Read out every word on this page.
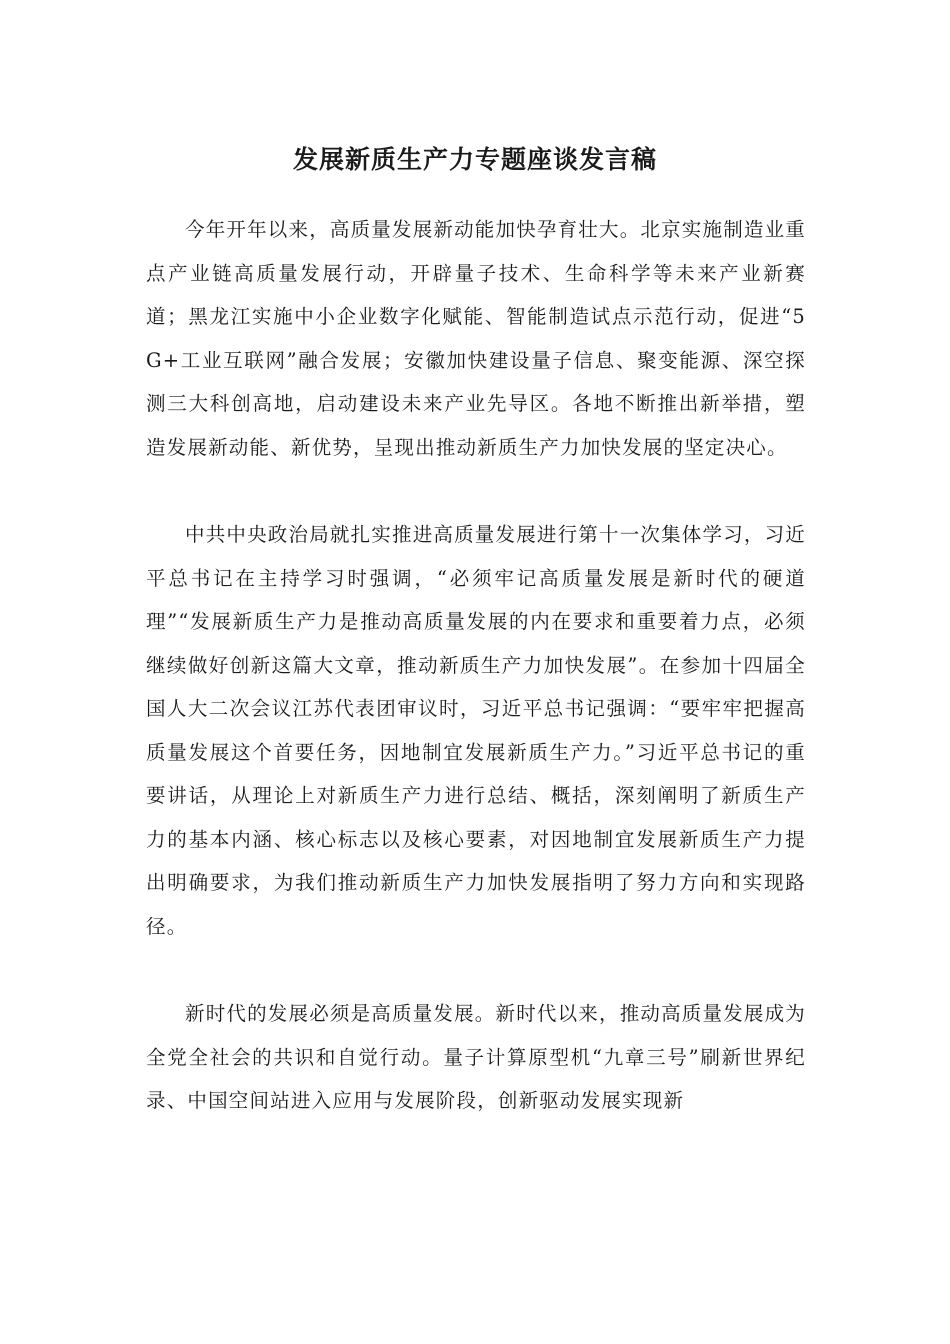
发展新质生产力专题座谈发言稿

今年开年以来，高质量发展新动能加快孕育壮大。北京实施制造业重点产业链高质量发展行动，开辟量子技术、生命科学等未来产业新赛道；黑龙江实施中小企业数字化赋能、智能制造试点示范行动，促进“5G+工业互联网”融合发展；安徽加快建设量子信息、聚变能源、深空探测三大科创高地，启动建设未来产业先导区。各地不断推出新举措，塑造发展新动能、新优势，呈现出推动新质生产力加快发展的坚定决心。

中共中央政治局就扎实推进高质量发展进行第十一次集体学习，习近平总书记在主持学习时强调，“必须牢记高质量发展是新时代的硬道理”“发展新质生产力是推动高质量发展的内在要求和重要着力点，必须继续做好创新这篇大文章，推动新质生产力加快发展”。在参加十四届全国人大二次会议江苏代表团审议时，习近平总书记强调：“要牢牢把握高质量发展这个首要任务，因地制宜发展新质生产力。”习近平总书记的重要讲话，从理论上对新质生产力进行总结、概括，深刻阐明了新质生产力的基本内涵、核心标志以及核心要素，对因地制宜发展新质生产力提出明确要求，为我们推动新质生产力加快发展指明了努力方向和实现路径。

新时代的发展必须是高质量发展。新时代以来，推动高质量发展成为全党全社会的共识和自觉行动。量子计算原型机“九章三号”刷新世界纪录、中国空间站进入应用与发展阶段，创新驱动发展实现新
